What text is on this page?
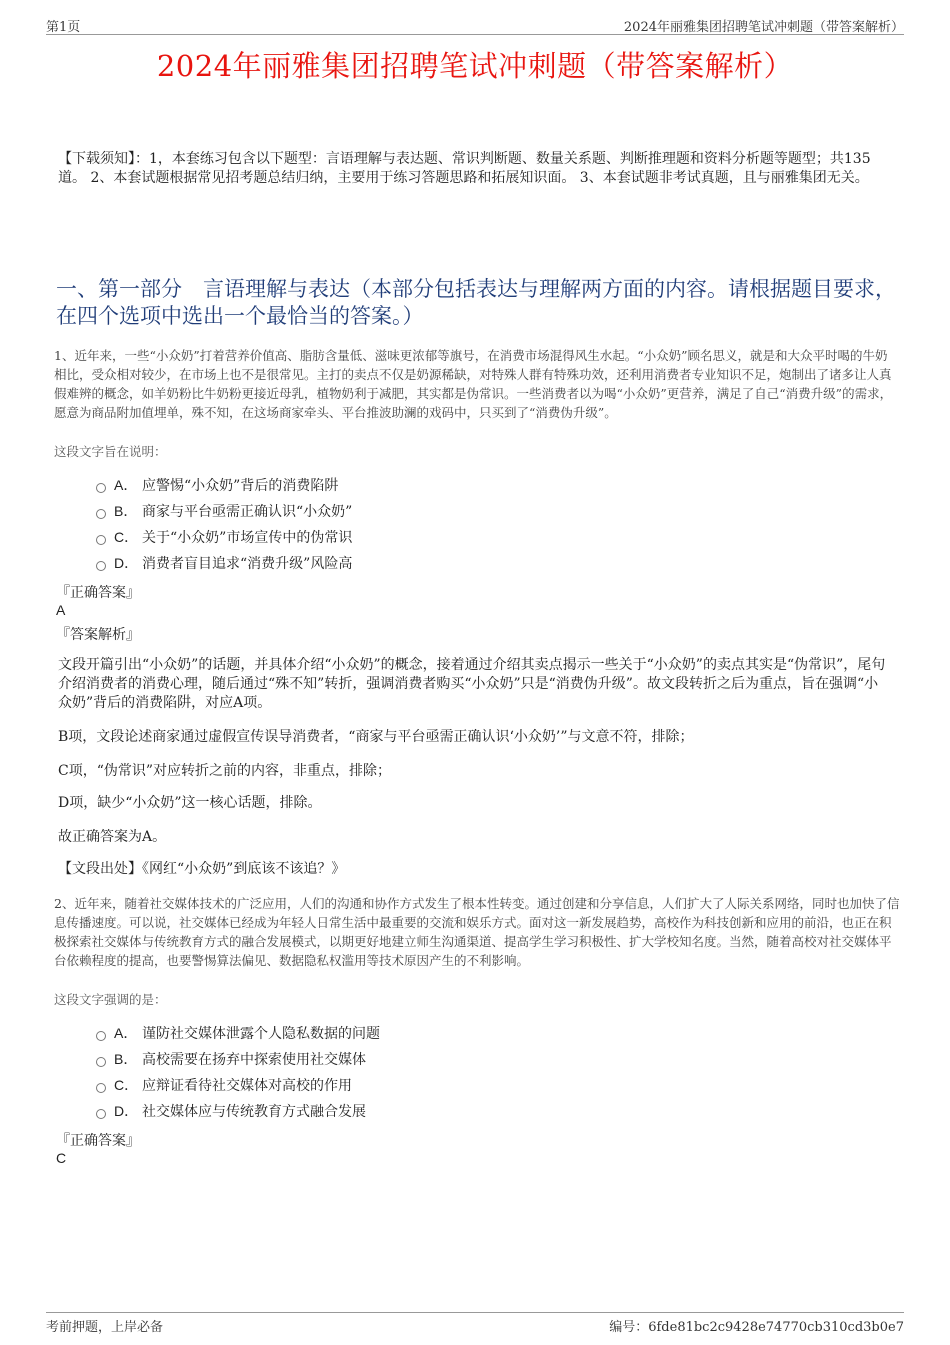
第1页	2024年丽雅集团招聘笔试冲刺题（带答案解析）
2024年丽雅集团招聘笔试冲刺题（带答案解析）
【下载须知】：1，本套练习包含以下题型：言语理解与表达题、常识判断题、数量关系题、判断推理题和资料分析题等题型；共135道。 2、本套试题根据常见招考题总结归纳，主要用于练习答题思路和拓展知识面。 3、本套试题非考试真题，且与丽雅集团无关。
一、第一部分　言语理解与表达（本部分包括表达与理解两方面的内容。请根据题目要求，在四个选项中选出一个最恰当的答案。）
1、近年来，一些“小众奶”打着营养价值高、脂肪含量低、滋味更浓郁等旗号，在消费市场混得风生水起。“小众奶”顾名思义，就是和大众平时喝的牛奶相比，受众相对较少，在市场上也不是很常见。主打的卖点不仅是奶源稀缺，对特殊人群有特殊功效，还利用消费者专业知识不足，炮制出了诸多让人真假难辨的概念，如羊奶粉比牛奶粉更接近母乳，植物奶利于减肥，其实都是伪常识。一些消费者以为喝“小众奶”更营养，满足了自己“消费升级”的需求，愿意为商品附加值埋单，殊不知，在这场商家牵头、平台推波助澜的戏码中，只买到了“消费伪升级”。
这段文字旨在说明：
A． 应警惕“小众奶”背后的消费陷阱
B． 商家与平台亟需正确认识“小众奶”
C． 关于“小众奶”市场宣传中的伪常识
D． 消费者盲目追求“消费升级”风险高
『正确答案』
A
『答案解析』
文段开篇引出“小众奶”的话题，并具体介绍“小众奶”的概念，接着通过介绍其卖点揭示一些关于“小众奶”的卖点其实是“伪常识”，尾句介绍消费者的消费心理，随后通过“殊不知”转折，强调消费者购买“小众奶”只是“消费伪升级”。故文段转折之后为重点，旨在强调“小众奶”背后的消费陷阱，对应A项。
B项，文段论述商家通过虚假宣传误导消费者，“商家与平台亟需正确认识‘小众奶’”与文意不符，排除；
C项，“伪常识”对应转折之前的内容，非重点，排除；
D项，缺少“小众奶”这一核心话题，排除。
故正确答案为A。
【文段出处】《网红“小众奶”到底该不该追？》
2、近年来，随着社交媒体技术的广泛应用，人们的沟通和协作方式发生了根本性转变。通过创建和分享信息，人们扩大了人际关系网络，同时也加快了信息传播速度。可以说，社交媒体已经成为年轻人日常生活中最重要的交流和娱乐方式。面对这一新发展趋势，高校作为科技创新和应用的前沿，也正在积极探索社交媒体与传统教育方式的融合发展模式，以期更好地建立师生沟通渠道、提高学生学习积极性、扩大学校知名度。当然，随着高校对社交媒体平台依赖程度的提高，也要警惕算法偏见、数据隐私权滥用等技术原因产生的不利影响。
这段文字强调的是：
A． 谨防社交媒体泄露个人隐私数据的问题
B． 高校需要在扬弃中探索使用社交媒体
C． 应辩证看待社交媒体对高校的作用
D． 社交媒体应与传统教育方式融合发展
『正确答案』
C
考前押题，上岸必备	编号：6fde81bc2c9428e74770cb310cd3b0e7
